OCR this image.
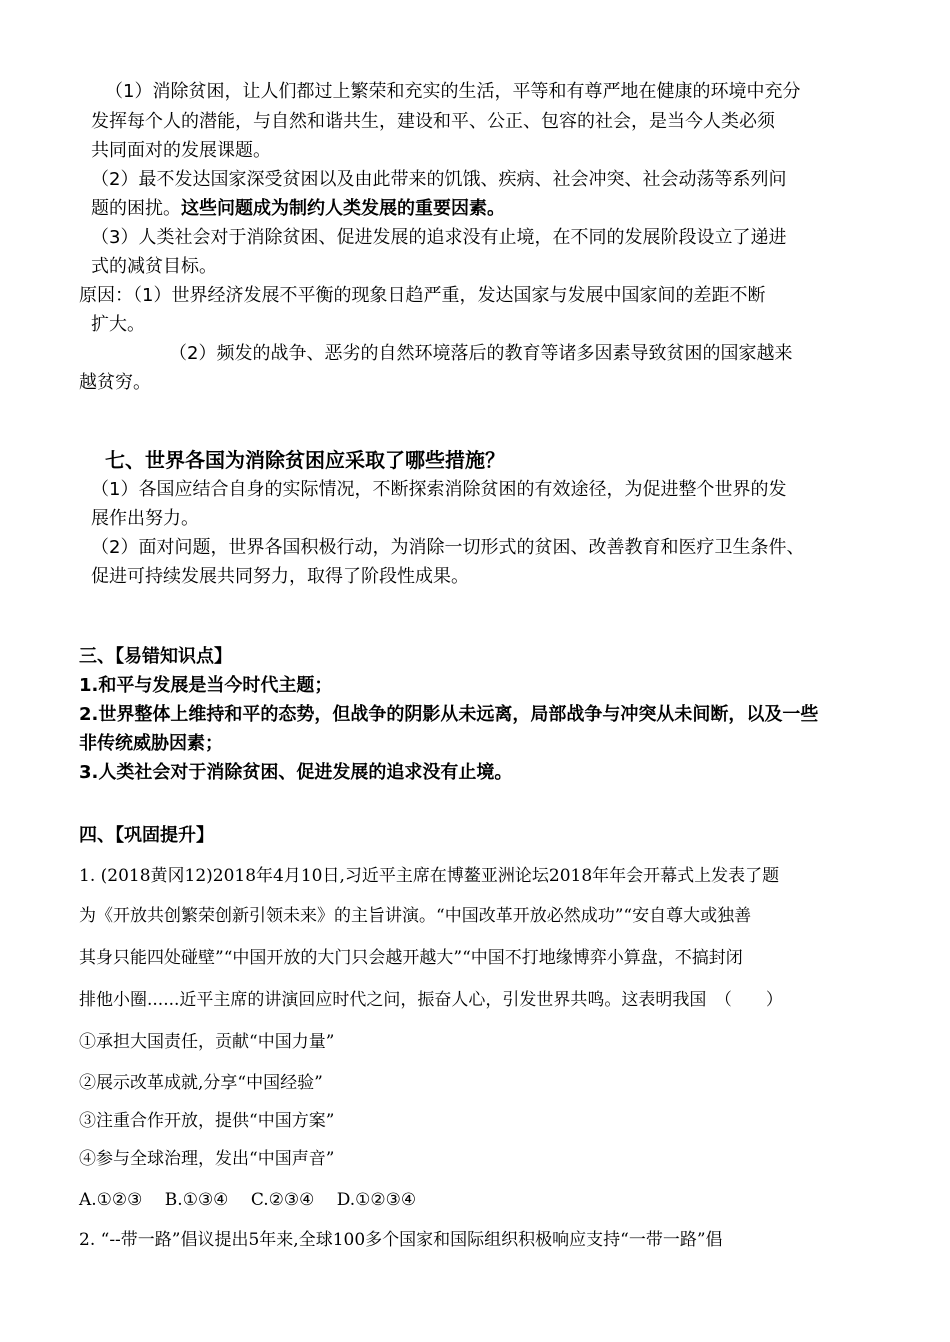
（1）消除贫困，让人们都过上繁荣和充实的生活，平等和有尊严地在健康的环境中充分
发挥每个人的潜能，与自然和谐共生，建设和平、公正、包容的社会，是当今人类必须
共同面对的发展课题。
（2）最不发达国家深受贫困以及由此带来的饥饿、疾病、社会冲突、社会动荡等系列问
题的困扰。这些问题成为制约人类发展的重要因素。
（3）人类社会对于消除贫困、促进发展的追求没有止境，在不同的发展阶段设立了递进
式的减贫目标。
原因：（1）世界经济发展不平衡的现象日趋严重，发达国家与发展中国家间的差距不断
扩大。
（2）频发的战争、恶劣的自然环境落后的教育等诸多因素导致贫困的国家越来
越贫穷。
七、世界各国为消除贫困应采取了哪些措施？
（1）各国应结合自身的实际情况，不断探索消除贫困的有效途径，为促进整个世界的发
展作出努力。
（2）面对问题，世界各国积极行动，为消除一切形式的贫困、改善教育和医疗卫生条件、
促进可持续发展共同努力，取得了阶段性成果。
三、【易错知识点】
1.和平与发展是当今时代主题；
2.世界整体上维持和平的态势，但战争的阴影从未远离，局部战争与冲突从未间断，以及一些
非传统威胁因素；
3.人类社会对于消除贫困、促进发展的追求没有止境。
四、【巩固提升】
1. (2018黄冈12)2018年4月10日,习近平主席在博鳌亚洲论坛2018年年会开幕式上发表了题
为《开放共创繁荣创新引领未来》的主旨讲演。“中国改革开放必然成功”“安自尊大或独善
其身只能四处碰壁”“中国开放的大门只会越开越大”“中国不打地缘博弈小算盘，不搞封闭
排他小圈......近平主席的讲演回应时代之问，振奋人心，引发世界共鸣。这表明我国　（　　）
①承担大国责任，贡献“中国力量”
②展示改革成就,分享“中国经验”
③注重合作开放，提供“中国方案”
④参与全球治理，发出“中国声音”
A.①②③　 B.①③④　 C.②③④　 D.①②③④
2. “--带一路”倡议提出5年来,全球100多个国家和国际组织积极响应支持“一带一路”倡
